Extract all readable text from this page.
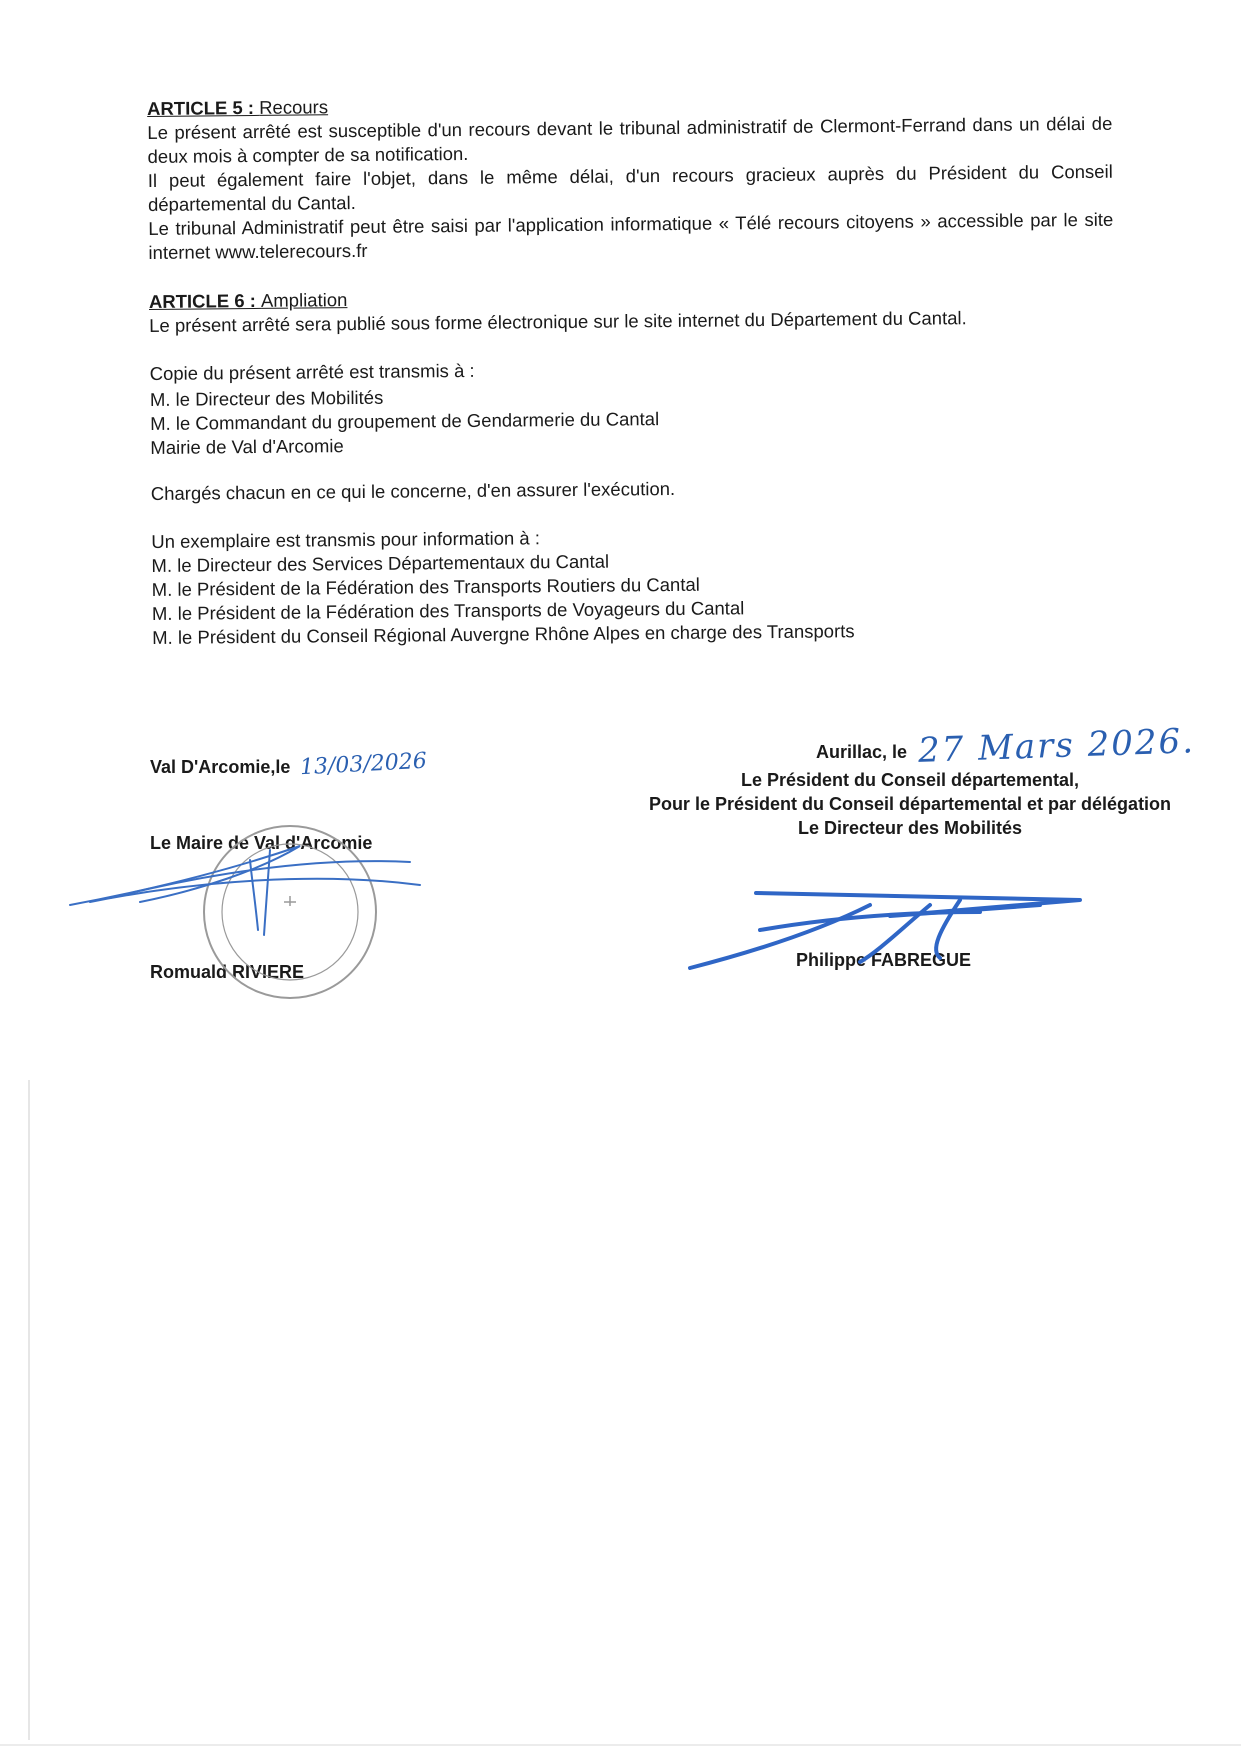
ARTICLE 5 : Recours

Le présent arrêté est susceptible d'un recours devant le tribunal administratif de Clermont-Ferrand dans un délai de deux mois à compter de sa notification.

Il peut également faire l'objet, dans le même délai, d'un recours gracieux auprès du Président du Conseil départemental du Cantal.

Le tribunal Administratif peut être saisi par l'application informatique « Télé recours citoyens » accessible par le site internet www.telerecours.fr

ARTICLE 6 : Ampliation

Le présent arrêté sera publié sous forme électronique sur le site internet du Département du Cantal.

Copie du présent arrêté est transmis à :

M. le Directeur des Mobilités
M. le Commandant du groupement de Gendarmerie du Cantal
Mairie de Val d'Arcomie

Chargés chacun en ce qui le concerne, d'en assurer l'exécution.

Un exemplaire est transmis pour information à :

M. le Directeur des Services Départementaux du Cantal
M. le Président de la Fédération des Transports Routiers du Cantal
M. le Président de la Fédération des Transports de Voyageurs du Cantal
M. le Président du Conseil Régional Auvergne Rhône Alpes en charge des Transports
Val D'Arcomie,le 13/03/2026
Le Maire de Val d'Arcomie
Romuald RIVIERE
Aurillac, le 27 Mars 2026.
Le Président du Conseil départemental,
Pour le Président du Conseil départemental et par délégation
Le Directeur des Mobilités
Philippe FABREGUE
